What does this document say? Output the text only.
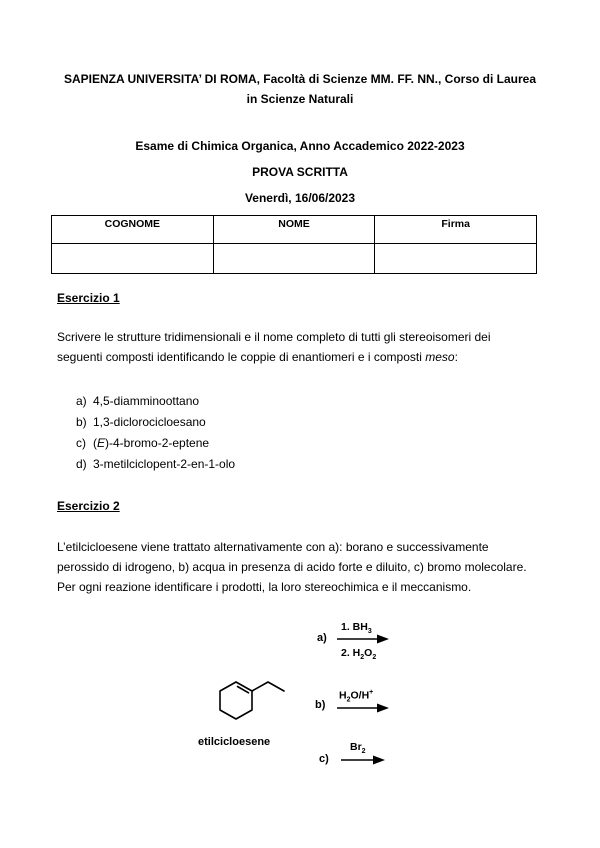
SAPIENZA UNIVERSITA’ DI ROMA, Facoltà di Scienze MM. FF. NN., Corso di Laurea
in Scienze Naturali
Esame di Chimica Organica, Anno Accademico 2022-2023
PROVA SCRITTA
Venerdì, 16/06/2023
COGNOME	NOME	Firma

Esercizio 1
Scrivere le strutture tridimensionali e il nome completo di tutti gli stereoisomeri dei
seguenti composti identificando le coppie di enantiomeri e i composti meso:
a) 4,5-diamminoottano
b) 1,3-diclorocicloesano
c) (E)-4-bromo-2-eptene
d) 3-metilciclopent-2-en-1-olo
Esercizio 2
L’etilcicloesene viene trattato alternativamente con a): borano e successivamente
perossido di idrogeno, b) acqua in presenza di acido forte e diluito, c) bromo molecolare.
Per ogni reazione identificare i prodotti, la loro stereochimica e il meccanismo.
etilcicloesene
a)
1. $BH_3$
2. $H_2O_2$
$H_2O/H^+$
b)
$Br_2$
c)
